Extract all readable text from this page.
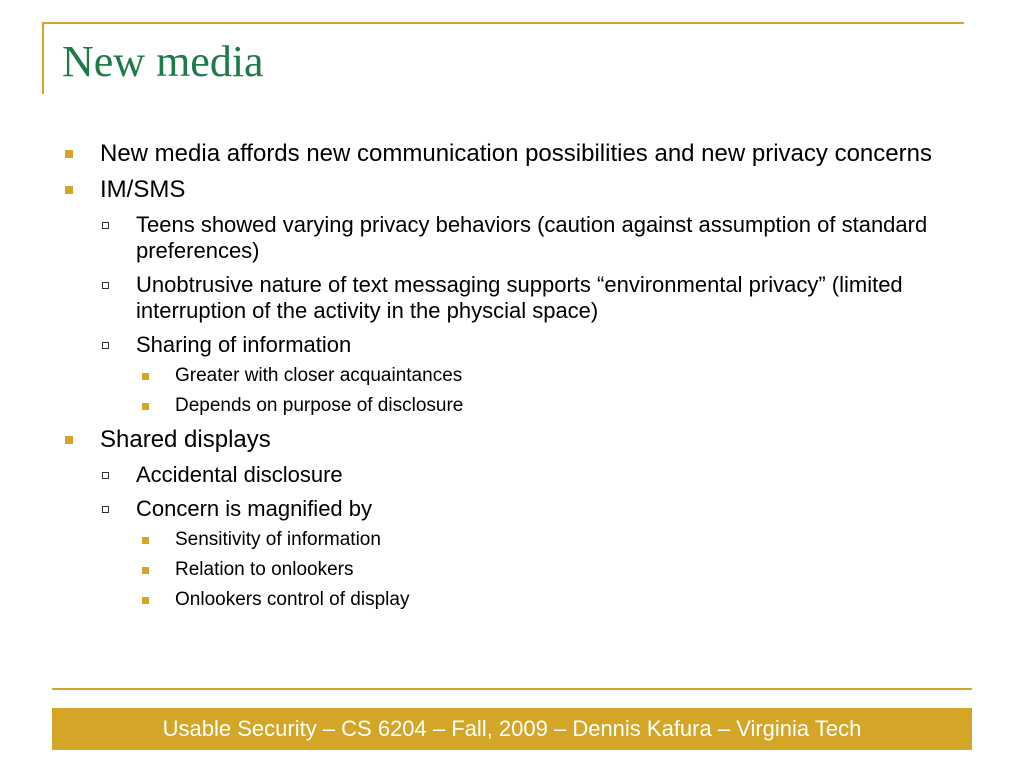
New media
New media affords new communication possibilities and new privacy concerns
IM/SMS
Teens showed varying privacy behaviors (caution against assumption of standard preferences)
Unobtrusive nature of text messaging supports “environmental privacy” (limited interruption of the activity in the physcial space)
Sharing of information
Greater with closer acquaintances
Depends on purpose of disclosure
Shared displays
Accidental disclosure
Concern is magnified by
Sensitivity of information
Relation to onlookers
Onlookers control of display
Usable Security – CS 6204 – Fall, 2009 – Dennis Kafura – Virginia Tech
